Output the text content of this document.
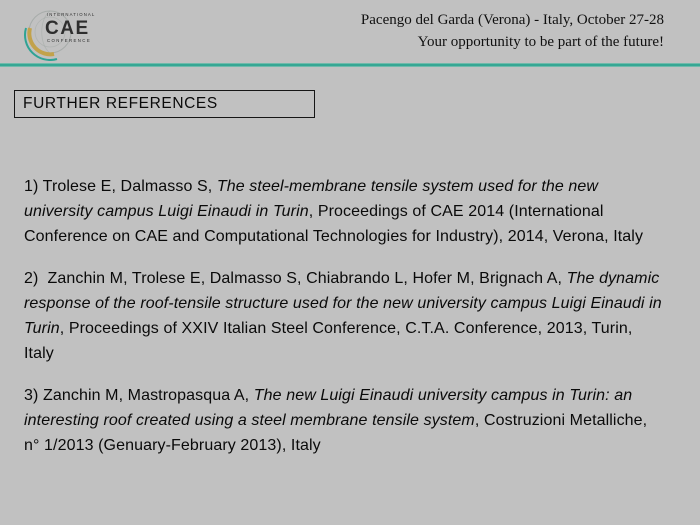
INTERNATIONAL
CAE
CONFERENCE
Pacengo del Garda (Verona) - Italy, October 27-28
Your opportunity to be part of the future!
FURTHER REFERENCES

1) Trolese E, Dalmasso S, The steel-membrane tensile system used for the new university campus Luigi Einaudi in Turin, Proceedings of CAE 2014 (International Conference on CAE and Computational Technologies for Industry), 2014, Verona, Italy

2)  Zanchin M, Trolese E, Dalmasso S, Chiabrando L, Hofer M, Brignach A, The dynamic response of the roof-tensile structure used for the new university campus Luigi Einaudi in Turin, Proceedings of XXIV Italian Steel Conference, C.T.A. Conference, 2013, Turin, Italy

3) Zanchin M, Mastropasqua A, The new Luigi Einaudi university campus in Turin: an interesting roof created using a steel membrane tensile system, Costruzioni Metalliche, n° 1/2013 (Genuary-February 2013), Italy
